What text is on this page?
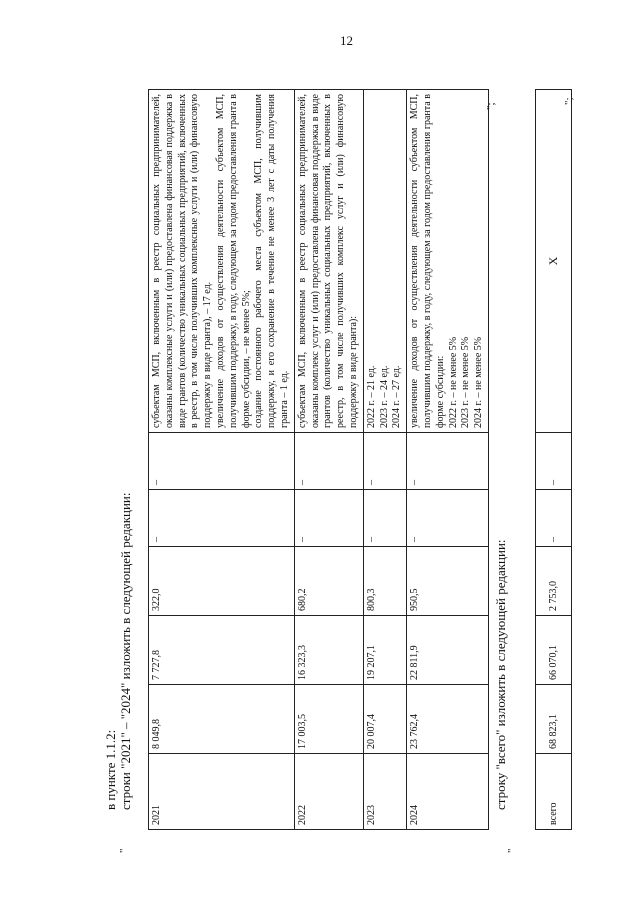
12
в пункте 1.1.2: строки "2021" – "2024" изложить в следующей редакции:
"
2021	8 049,8	7 727,8	322,0	–	–	субъектам МСП, включенным в реестр социальных предпринимателей, оказаны комплексные услуги и (или) предоставлена финансовая поддержка в виде грантов (количество уникальных социальных предприятий, включенных в реестр, в том числе получивших комплексные услуги и (или) финансовую поддержку в виде гранта), – 17 ед. увеличение доходов от осуществления деятельности субъектом МСП, получившим поддержку, в году, следующем за годом предоставления гранта в форме субсидии, – не менее 5%; создание постоянного рабочего места субъектом МСП, получившим поддержку, и его сохранение в течение не менее 3 лет с даты получения гранта – 1 ед.

2022	17 003,5	16 323,3	680,2	–	–	субъектам МСП, включенным в реестр социальных предпринимателей, оказаны комплекс услуг и (или) предоставлена финансовая поддержка в виде грантов (количество уникальных социальных предприятий, включенных в реестр, в том числе получивших комплекс услуг и (или) финансовую поддержку в виде гранта):

2023	20 007,4	19 207,1	800,3	–	–	2022 г. – 21 ед. 2023 г. – 24 ед. 2024 г. – 27 ед.

2024	23 762,4	22 811,9	950,5	–	–	увеличение доходов от осуществления деятельности субъектом МСП, получившим поддержку, в году, следующем за годом предоставления гранта в форме субсидии: 2022 г. – не менее 5% 2023 г. – не менее 5% 2024 г. – не менее 5%
";
строку "всего" изложить в следующей редакции:
"
всего	68 823,1	66 070,1	2 753,0	–	–	Х
";
